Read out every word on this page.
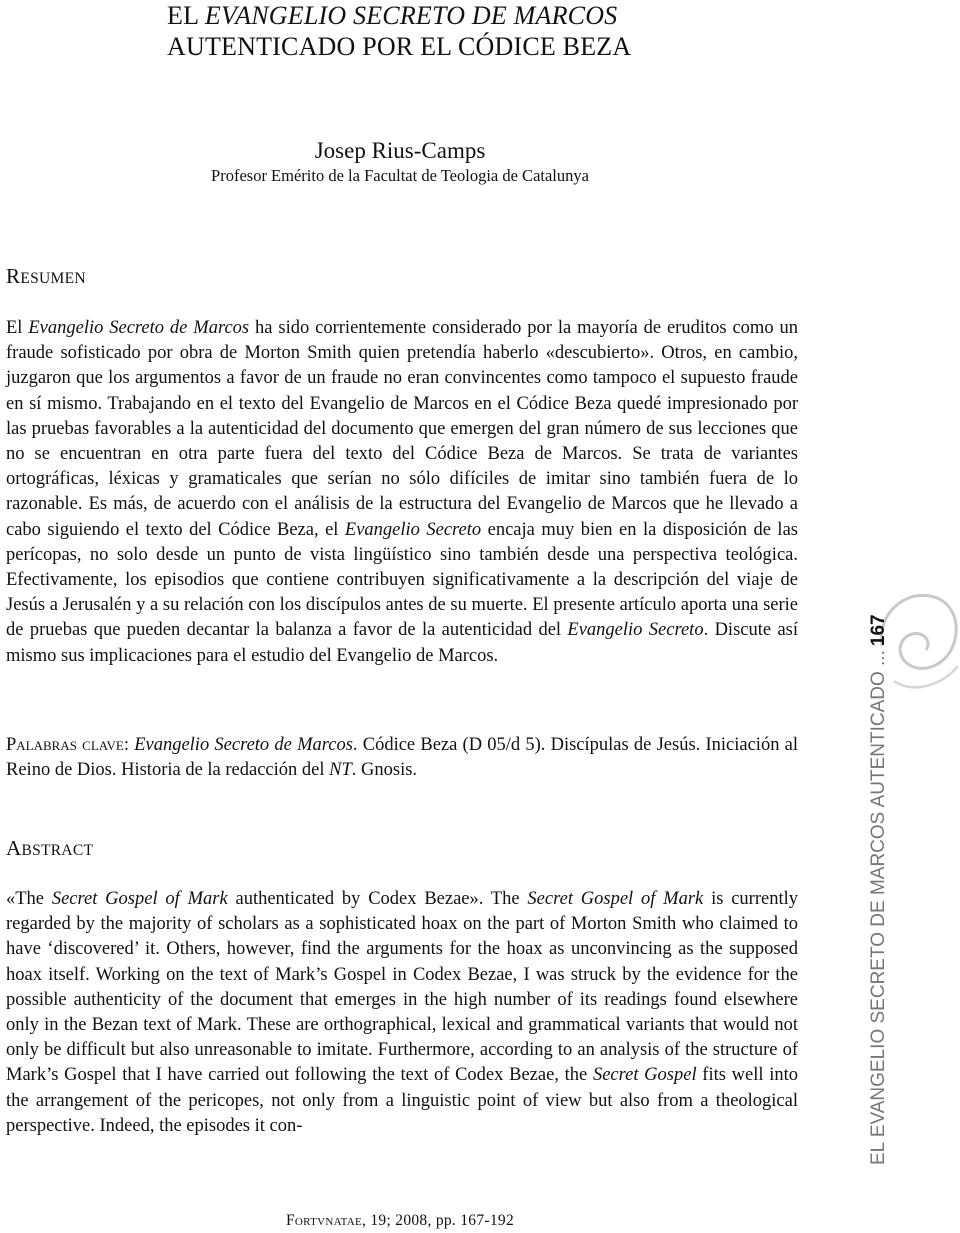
EL EVANGELIO SECRETO DE MARCOS
AUTENTICADO POR EL CÓDICE BEZA
Josep Rius-Camps
Profesor Emérito de la Facultat de Teologia de Catalunya
RESUMEN
El Evangelio Secreto de Marcos ha sido corrientemente considerado por la mayoría de eruditos como un fraude sofisticado por obra de Morton Smith quien pretendía haberlo «descubierto». Otros, en cambio, juzgaron que los argumentos a favor de un fraude no eran convincentes como tampoco el supuesto fraude en sí mismo. Trabajando en el texto del Evangelio de Marcos en el Códice Beza quedé impresionado por las pruebas favorables a la autenticidad del documento que emergen del gran número de sus lecciones que no se encuentran en otra parte fuera del texto del Códice Beza de Marcos. Se trata de variantes ortográficas, léxicas y gramaticales que serían no sólo difíciles de imitar sino también fuera de lo razonable. Es más, de acuerdo con el análisis de la estructura del Evangelio de Marcos que he llevado a cabo siguiendo el texto del Códice Beza, el Evangelio Secreto encaja muy bien en la disposición de las perícopas, no solo desde un punto de vista lingüístico sino también desde una perspectiva teológica. Efectivamente, los episodios que contiene contribuyen significativamente a la descripción del viaje de Jesús a Jerusalén y a su relación con los discípulos antes de su muerte. El presente artículo aporta una serie de pruebas que pueden decantar la balanza a favor de la autenticidad del Evangelio Secreto. Discute así mismo sus implicaciones para el estudio del Evangelio de Marcos.
Palabras clave: Evangelio Secreto de Marcos. Códice Beza (D 05/d 5). Discípulas de Jesús. Iniciación al Reino de Dios. Historia de la redacción del NT. Gnosis.
ABSTRACT
«The Secret Gospel of Mark authenticated by Codex Bezae». The Secret Gospel of Mark is currently regarded by the majority of scholars as a sophisticated hoax on the part of Morton Smith who claimed to have ‘discovered’ it. Others, however, find the arguments for the hoax as unconvincing as the supposed hoax itself. Working on the text of Mark’s Gospel in Codex Bezae, I was struck by the evidence for the possible authenticity of the document that emerges in the high number of its readings found elsewhere only in the Bezan text of Mark. These are orthographical, lexical and grammatical variants that would not only be difficult but also unreasonable to imitate. Furthermore, according to an analysis of the structure of Mark’s Gospel that I have carried out following the text of Codex Bezae, the Secret Gospel fits well into the arrangement of the pericopes, not only from a linguistic point of view but also from a theological perspective. Indeed, the episodes it con-	EL EVANGELIO SECRETO DE MARCOS AUTENTICADO ...167
Fortvnatae, 19; 2008, pp. 167-192
